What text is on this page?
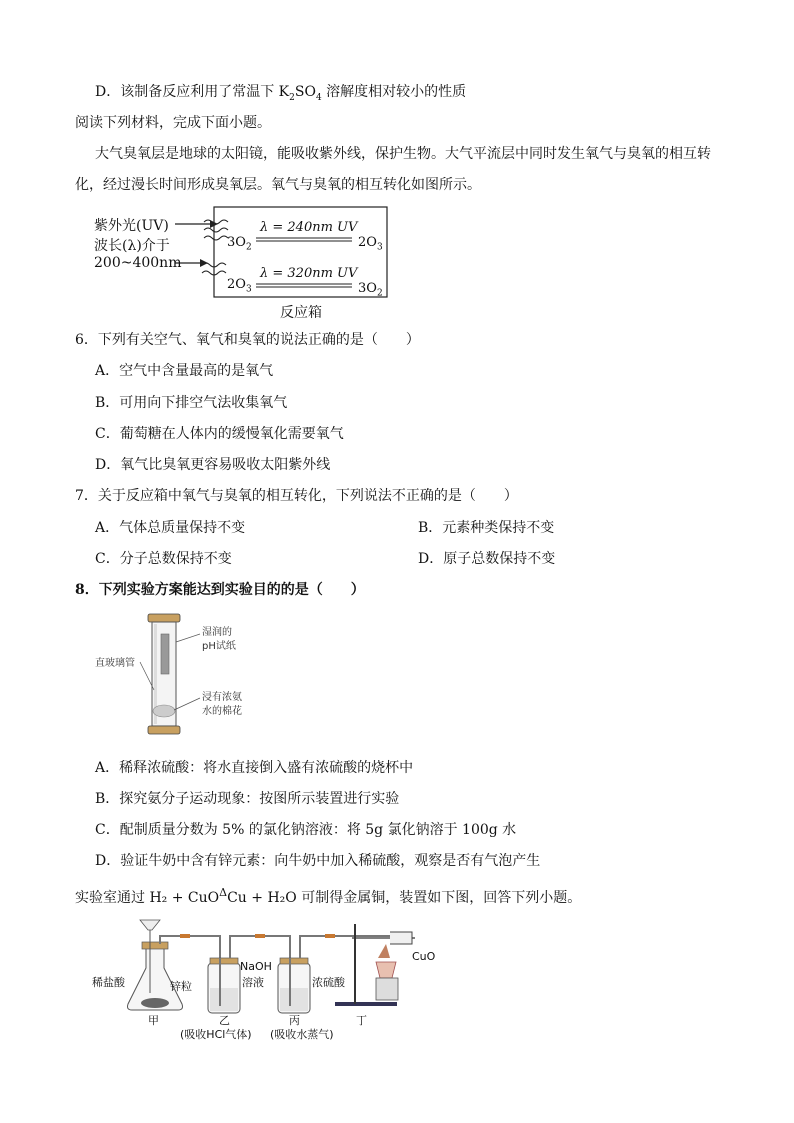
D．该制备反应利用了常温下 $K_2SO_4$ 溶解度相对较小的性质
阅读下列材料，完成下面小题。
大气臭氧层是地球的太阳镜，能吸收紫外线，保护生物。大气平流层中同时发生氧气与臭氧的相互转
化，经过漫长时间形成臭氧层。氧气与臭氧的相互转化如图所示。
紫外光(UV)
波长(λ)介于
200~400nm
$3O_2$
λ = 240nm UV
$2O_3$
$2O_3$
λ = 320nm UV
$3O_2$
反应箱
6．下列有关空气、氧气和臭氧的说法正确的是（　　）
A．空气中含量最高的是氧气
B．可用向下排空气法收集氧气
C．葡萄糖在人体内的缓慢氧化需要氧气
D．氧气比臭氧更容易吸收太阳紫外线
7．关于反应箱中氧气与臭氧的相互转化，下列说法不正确的是（　　）
A．气体总质量保持不变	B．元素种类保持不变
C．分子总数保持不变	D．原子总数保持不变
8．下列实验方案能达到实验目的的是（　　）
直玻璃管
湿润的
pH试纸
浸有浓氨
水的棉花
A．稀释浓硫酸：将水直接倒入盛有浓硫酸的烧杯中
B．探究氨分子运动现象：按图所示装置进行实验
C．配制质量分数为 5% 的氯化钠溶液：将 5g 氯化钠溶于 100g 水
D．验证牛奶中含有锌元素：向牛奶中加入稀硫酸，观察是否有气泡产生
实验室通过 H₂ + CuO$^\Delta$Cu + H₂O 可制得金属铜，装置如下图，回答下列小题。
稀盐酸	锌粒
NaOH
溶液	浓硫酸
CuO
甲	乙	丙	丁
(吸收HCl气体) (吸收水蒸气)
